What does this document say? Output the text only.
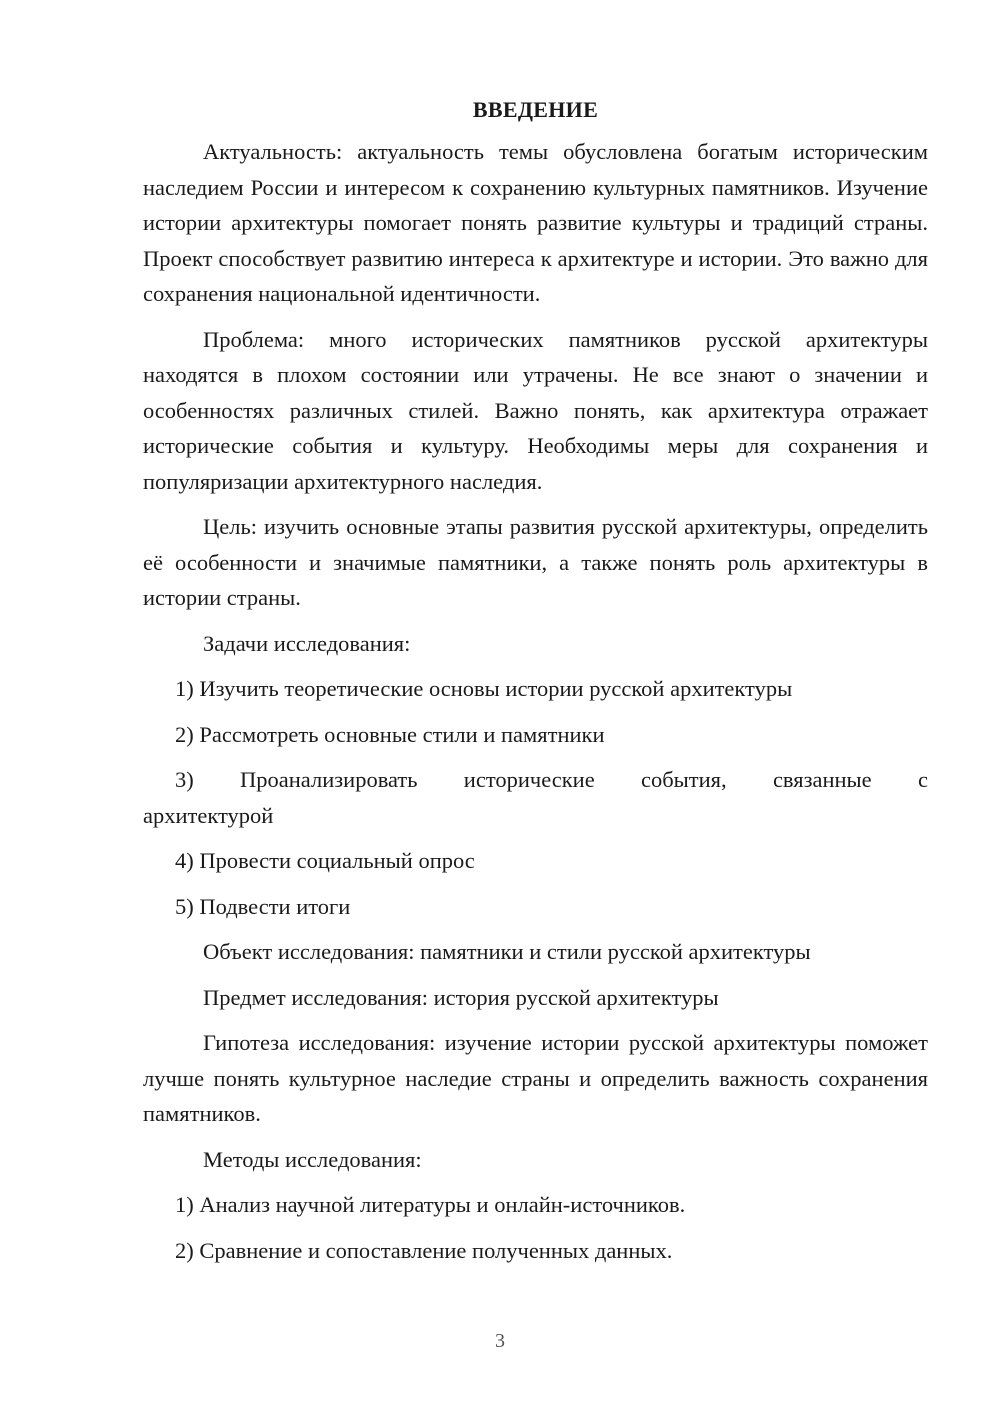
ВВЕДЕНИЕ

Актуальность: актуальность темы обусловлена богатым историческим наследием России и интересом к сохранению культурных памятников. Изучение истории архитектуры помогает понять развитие культуры и традиций страны. Проект способствует развитию интереса к архитектуре и истории. Это важно для сохранения национальной идентичности.

Проблема: много исторических памятников русской архитектуры находятся в плохом состоянии или утрачены. Не все знают о значении и особенностях различных стилей. Важно понять, как архитектура отражает исторические события и культуру. Необходимы меры для сохранения и популяризации архитектурного наследия.

Цель: изучить основные этапы развития русской архитектуры, определить её особенности и значимые памятники, а также понять роль архитектуры в истории страны.

Задачи исследования:

1) Изучить теоретические основы истории русской архитектуры

2) Рассмотреть основные стили и памятники

3) Проанализировать исторические события, связанные с
архитектурой

4) Провести социальный опрос

5) Подвести итоги

Объект исследования: памятники и стили русской архитектуры

Предмет исследования: история русской архитектуры

Гипотеза исследования: изучение истории русской архитектуры поможет лучше понять культурное наследие страны и определить важность сохранения памятников.

Методы исследования:

1) Анализ научной литературы и онлайн-источников.

2) Сравнение и сопоставление полученных данных.

3
